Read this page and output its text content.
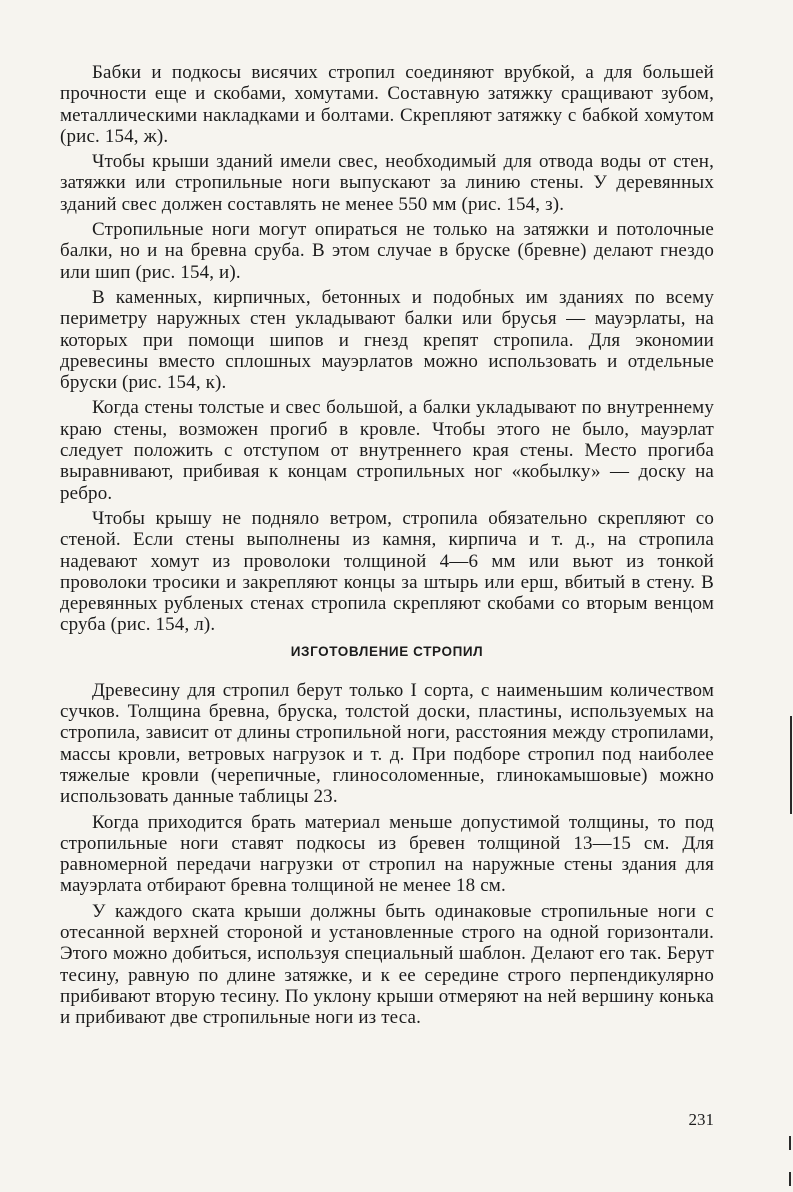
Бабки и подкосы висячих стропил соединяют врубкой, а для большей прочности еще и скобами, хомутами. Составную затяжку сращивают зубом, металлическими накладками и болтами. Скрепляют затяжку с бабкой хомутом (рис. 154, ж).

Чтобы крыши зданий имели свес, необходимый для отвода воды от стен, затяжки или стропильные ноги выпускают за линию стены. У деревянных зданий свес должен составлять не менее 550 мм (рис. 154, з).

Стропильные ноги могут опираться не только на затяжки и потолочные балки, но и на бревна сруба. В этом случае в бруске (бревне) делают гнездо или шип (рис. 154, и).

В каменных, кирпичных, бетонных и подобных им зданиях по всему периметру наружных стен укладывают балки или брусья — мауэрлаты, на которых при помощи шипов и гнезд крепят стропила. Для экономии древесины вместо сплошных мауэрлатов можно использовать и отдельные бруски (рис. 154, к).

Когда стены толстые и свес большой, а балки укладывают по внутреннему краю стены, возможен прогиб в кровле. Чтобы этого не было, мауэрлат следует положить с отступом от внутреннего края стены. Место прогиба выравнивают, прибивая к концам стропильных ног «кобылку» — доску на ребро.

Чтобы крышу не подняло ветром, стропила обязательно скрепляют со стеной. Если стены выполнены из камня, кирпича и т. д., на стропила надевают хомут из проволоки толщиной 4—6 мм или вьют из тонкой проволоки тросики и закрепляют концы за штырь или ерш, вбитый в стену. В деревянных рубленых стенах стропила скрепляют скобами со вторым венцом сруба (рис. 154, л).

ИЗГОТОВЛЕНИЕ СТРОПИЛ

Древесину для стропил берут только I сорта, с наименьшим количеством сучков. Толщина бревна, бруска, толстой доски, пластины, используемых на стропила, зависит от длины стропильной ноги, расстояния между стропилами, массы кровли, ветровых нагрузок и т. д. При подборе стропил под наиболее тяжелые кровли (черепичные, глиносоломенные, глинокамышовые) можно использовать данные таблицы 23.

Когда приходится брать материал меньше допустимой толщины, то под стропильные ноги ставят подкосы из бревен толщиной 13—15 см. Для равномерной передачи нагрузки от стропил на наружные стены здания для мауэрлата отбирают бревна толщиной не менее 18 см.

У каждого ската крыши должны быть одинаковые стропильные ноги с отесанной верхней стороной и установленные строго на одной горизонтали. Этого можно добиться, используя специальный шаблон. Делают его так. Берут тесину, равную по длине затяжке, и к ее середине строго перпендикулярно прибивают вторую тесину. По уклону крыши отмеряют на ней вершину конька и прибивают две стропильные ноги из теса.

231
